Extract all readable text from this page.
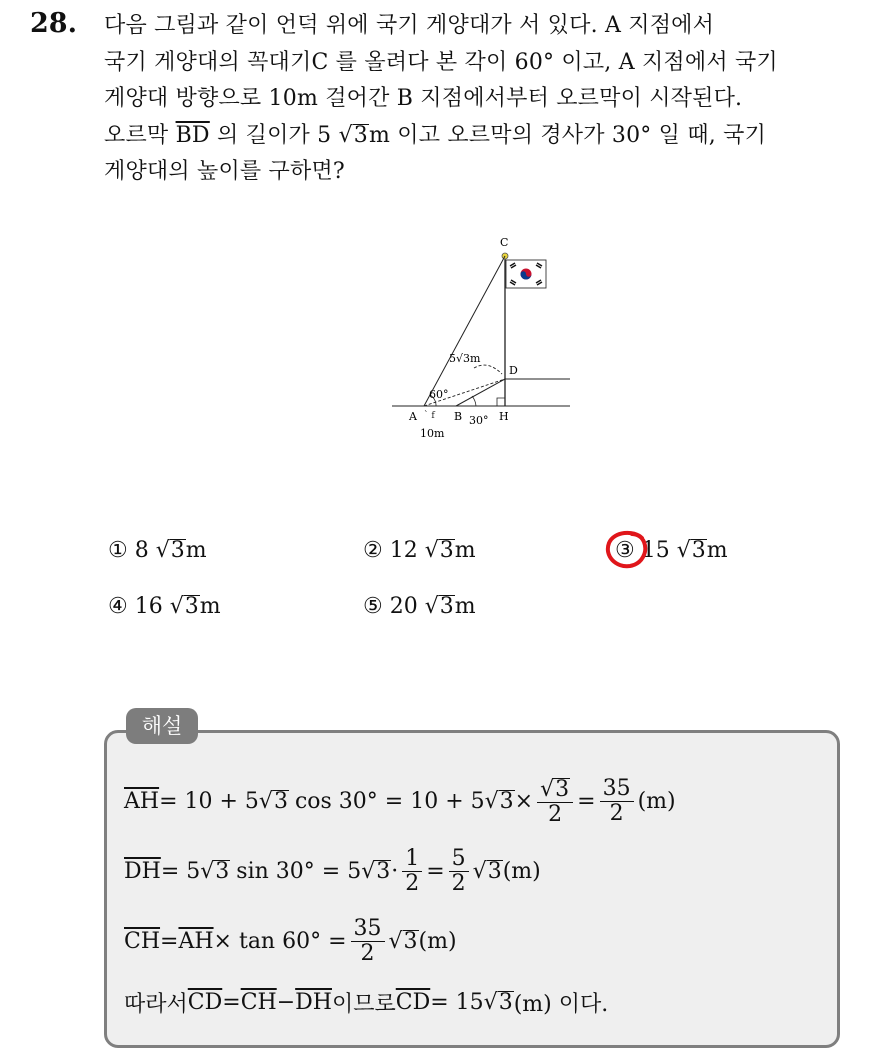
28. 다음 그림과 같이 언덕 위에 국기 게양대가 서 있다. A 지점에서
국기 게양대의 꼭대기C 를 올려다 본 각이 60° 이고, A 지점에서 국기
게양대 방향으로 10m 걸어간 B 지점에서부터 오르막이 시작된다.
오르막 $\overline{BD}$ 의 길이가 5 √3m 이고 오르막의 경사가 30° 일 때, 국기
게양대의 높이를 구하면?
C
D
A	B	H
60°
30°
10m
5√3m
` f
① 8 √3m	② 12 √3m	③ 15 √3m
④ 16 √3m	⑤ 20 √3m
해설
$\overline{AH} = 10 + 5$ √3 cos 30° = 10 + 5 $√3 \times \frac{√3}{2} = \frac{35}{2} (m)$
$\overline{DH} = 5$ √3 sin 30° = 5 $√3 \cdot \frac{1}{2} = \frac{5}{2} √3$ (m)
$\overline{CH} = \overline{AH} \times \tan 60^\circ = \frac{35}{2} √3$ (m)
따라서 $\overline{CD} = \overline{CH} - \overline{DH}$ 이므로 $\overline{CD} = 15$ √3 (m) 이다.
